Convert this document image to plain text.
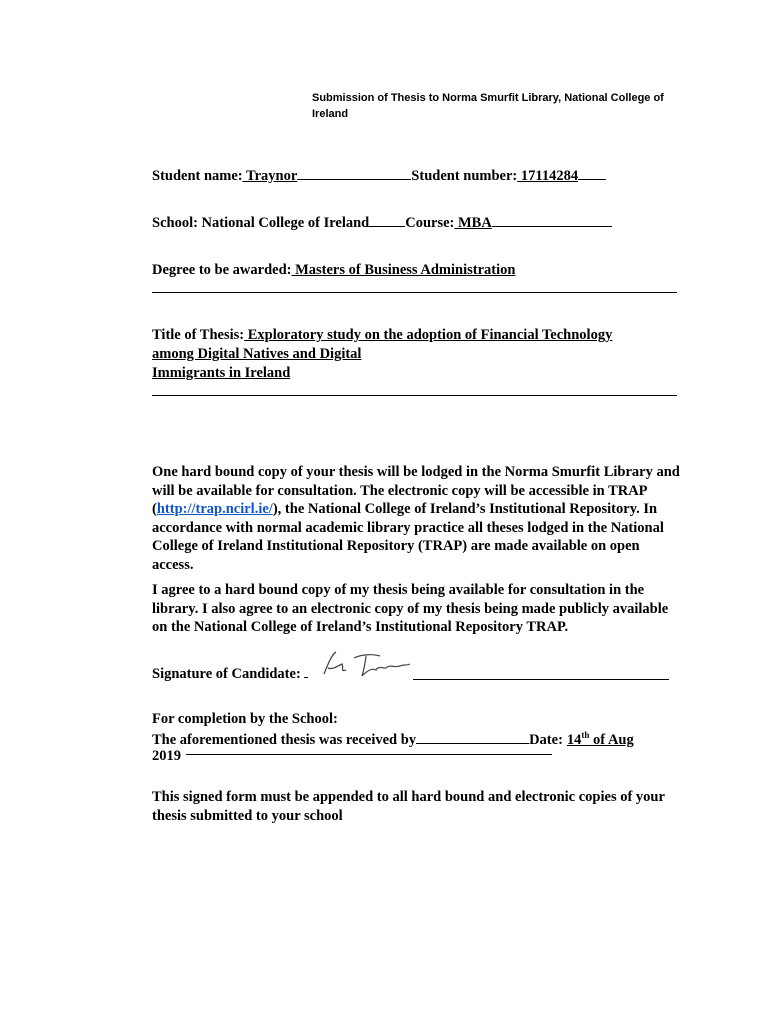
Submission of Thesis to Norma Smurfit Library, National College of Ireland
Student name: Traynor	Student number: 17114284
School: National College of Ireland Course: MBA
Degree to be awarded: Masters of Business Administration
Title of Thesis: Exploratory study on the adoption of Financial Technology
among Digital Natives and Digital
Immigrants in Ireland
One hard bound copy of your thesis will be lodged in the Norma Smurfit Library and will be available for consultation. The electronic copy will be accessible in TRAP (http://trap.ncirl.ie/), the National College of Ireland’s Institutional Repository. In accordance with normal academic library practice all theses lodged in the National College of Ireland Institutional Repository (TRAP) are made available on open access.
I agree to a hard bound copy of my thesis being available for consultation in the library. I also agree to an electronic copy of my thesis being made publicly available on the National College of Ireland’s Institutional Repository TRAP.
Signature of Candidate:
For completion by the School:
The aforementioned thesis was received by	Date: 14th of Aug
2019
This signed form must be appended to all hard bound and electronic copies of your thesis submitted to your school
